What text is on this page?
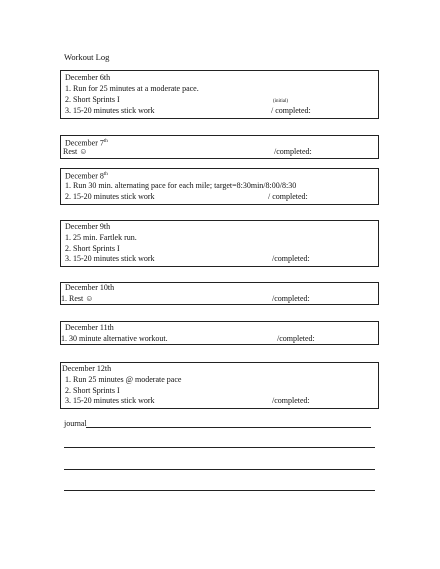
Workout Log
December 6th
1. Run for 25 minutes at a moderate pace.
2. Short Sprints I
3. 15-20 minutes stick work
(initial)
/ completed:
December 7th
Rest ☺	/completed:
December 8th
1. Run 30 min. alternating pace for each mile; target=8:30min/8:00/8:30
2. 15-20 minutes stick work	/ completed:
December 9th
1. 25 min. Fartlek run.
2. Short Sprints I
3. 15-20 minutes stick work	/completed:
December 10th
1. Rest ☺	/completed:
December 11th
1. 30 minute alternative workout.	/completed:
December 12th
1. Run 25 minutes @ moderate pace
2. Short Sprints I
3. 15-20 minutes stick work	/completed:
journal
